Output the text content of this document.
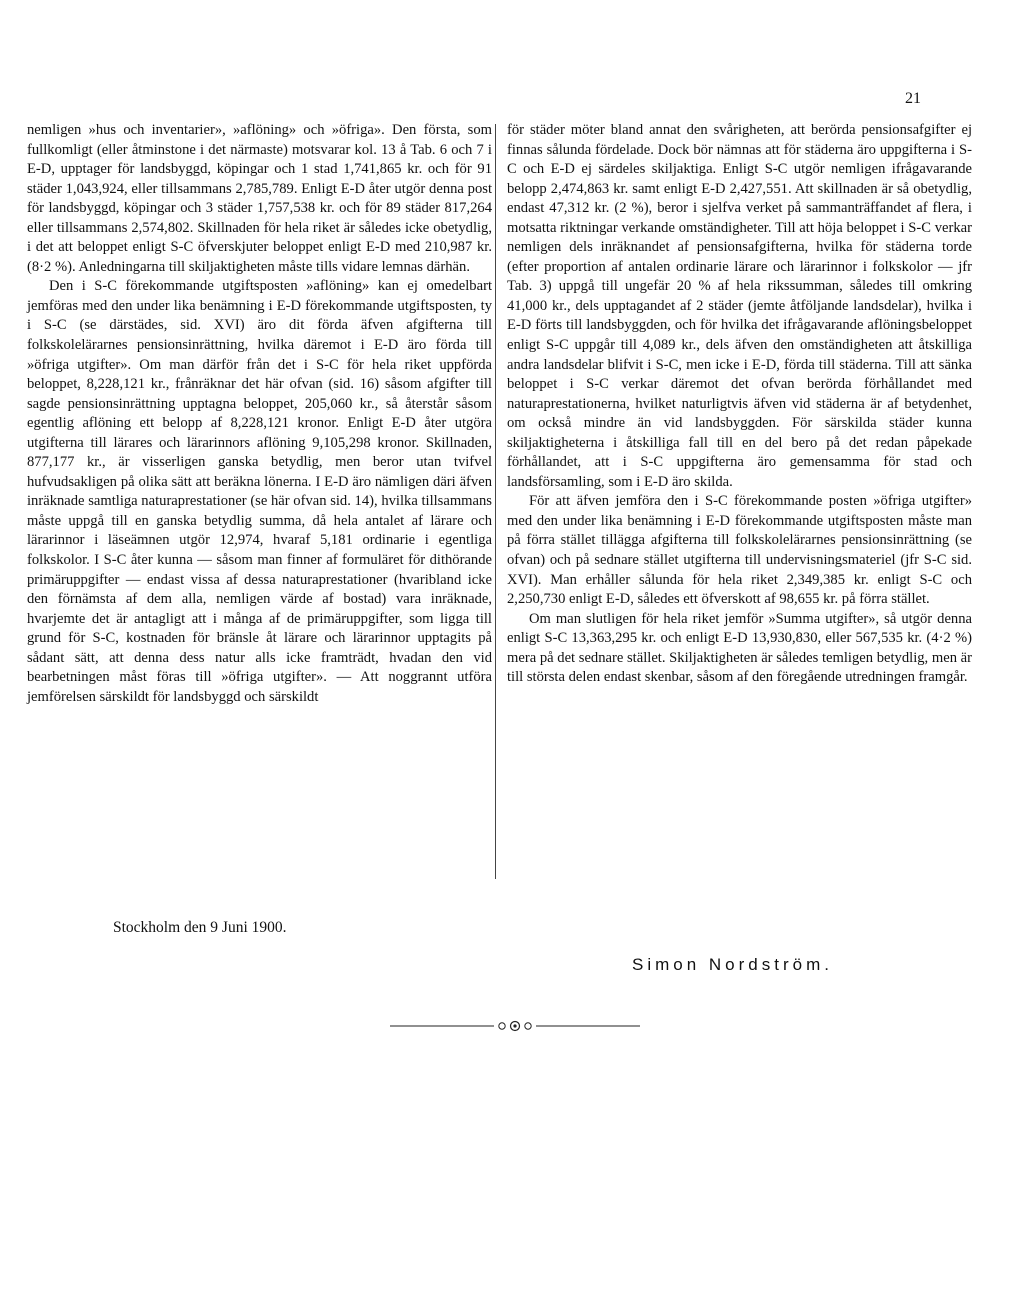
21

nemligen »hus och inventarier», »aflöning» och »öfriga». Den första, som fullkomligt (eller åtminstone i det närmaste) motsvarar kol. 13 å Tab. 6 och 7 i E-D, upptager för landsbyggd, köpingar och 1 stad 1,741,865 kr. och för 91 städer 1,043,924, eller tillsammans 2,785,789. Enligt E-D åter utgör denna post för landsbyggd, köpingar och 3 städer 1,757,538 kr. och för 89 städer 817,264 eller tillsammans 2,574,802. Skillnaden för hela riket är således icke obetydlig, i det att beloppet enligt S-C öfverskjuter beloppet enligt E-D med 210,987 kr. (8·2 %). Anledningarna till skiljaktigheten måste tills vidare lemnas därhän.

Den i S-C förekommande utgiftsposten »aflöning» kan ej omedelbart jemföras med den under lika benämning i E-D förekommande utgiftsposten, ty i S-C (se därstädes, sid. XVI) äro dit förda äfven afgifterna till folkskolelärarnes pensionsinrättning, hvilka däremot i E-D äro förda till »öfriga utgifter». Om man därför från det i S-C för hela riket uppförda beloppet, 8,228,121 kr., frånräknar det här ofvan (sid. 16) såsom afgifter till sagde pensionsinrättning upptagna beloppet, 205,060 kr., så återstår såsom egentlig aflöning ett belopp af 8,228,121 kronor. Enligt E-D åter utgöra utgifterna till lärares och lärarinnors aflöning 9,105,298 kronor. Skillnaden, 877,177 kr., är visserligen ganska betydlig, men beror utan tvifvel hufvudsakligen på olika sätt att beräkna lönerna. I E-D äro nämligen däri äfven inräknade samtliga naturaprestationer (se här ofvan sid. 14), hvilka tillsammans måste uppgå till en ganska betydlig summa, då hela antalet af lärare och lärarinnor i läseämnen utgör 12,974, hvaraf 5,181 ordinarie i egentliga folkskolor. I S-C åter kunna — såsom man finner af formuläret för dithörande primäruppgifter — endast vissa af dessa naturaprestationer (hvaribland icke den förnämsta af dem alla, nemligen värde af bostad) vara inräknade, hvarjemte det är antagligt att i många af de primäruppgifter, som ligga till grund för S-C, kostnaden för bränsle åt lärare och lärarinnor upptagits på sådant sätt, att denna dess natur alls icke framträdt, hvadan den vid bearbetningen måst föras till »öfriga utgifter». — Att noggrannt utföra jemförelsen särskildt för landsbyggd och särskildt

för städer möter bland annat den svårigheten, att berörda pensionsafgifter ej finnas sålunda fördelade. Dock bör nämnas att för städerna äro uppgifterna i S-C och E-D ej särdeles skiljaktiga. Enligt S-C utgör nemligen ifrågavarande belopp 2,474,863 kr. samt enligt E-D 2,427,551. Att skillnaden är så obetydlig, endast 47,312 kr. (2 %), beror i sjelfva verket på sammanträffandet af flera, i motsatta riktningar verkande omständigheter. Till att höja beloppet i S-C verkar nemligen dels inräknandet af pensionsafgifterna, hvilka för städerna torde (efter proportion af antalen ordinarie lärare och lärarinnor i folkskolor — jfr Tab. 3) uppgå till ungefär 20 % af hela rikssumman, således till omkring 41,000 kr., dels upptagandet af 2 städer (jemte åtföljande landsdelar), hvilka i E-D förts till landsbyggden, och för hvilka det ifrågavarande aflöningsbeloppet enligt S-C uppgår till 4,089 kr., dels äfven den omständigheten att åtskilliga andra landsdelar blifvit i S-C, men icke i E-D, förda till städerna. Till att sänka beloppet i S-C verkar däremot det ofvan berörda förhållandet med naturaprestationerna, hvilket naturligtvis äfven vid städerna är af betydenhet, om också mindre än vid landsbyggden. För särskilda städer kunna skiljaktigheterna i åtskilliga fall till en del bero på det redan påpekade förhållandet, att i S-C uppgifterna äro gemensamma för stad och landsförsamling, som i E-D äro skilda.

För att äfven jemföra den i S-C förekommande posten »öfriga utgifter» med den under lika benämning i E-D förekommande utgiftsposten måste man på förra stället tillägga afgifterna till folkskolelärarnes pensionsinrättning (se ofvan) och på sednare stället utgifterna till undervisningsmateriel (jfr S-C sid. XVI). Man erhåller sålunda för hela riket 2,349,385 kr. enligt S-C och 2,250,730 enligt E-D, således ett öfverskott af 98,655 kr. på förra stället.

Om man slutligen för hela riket jemför »Summa utgifter», så utgör denna enligt S-C 13,363,295 kr. och enligt E-D 13,930,830, eller 567,535 kr. (4·2 %) mera på det sednare stället. Skiljaktigheten är således temligen betydlig, men är till största delen endast skenbar, såsom af den föregående utredningen framgår.

Stockholm den 9 Juni 1900.
Simon Nordström.
